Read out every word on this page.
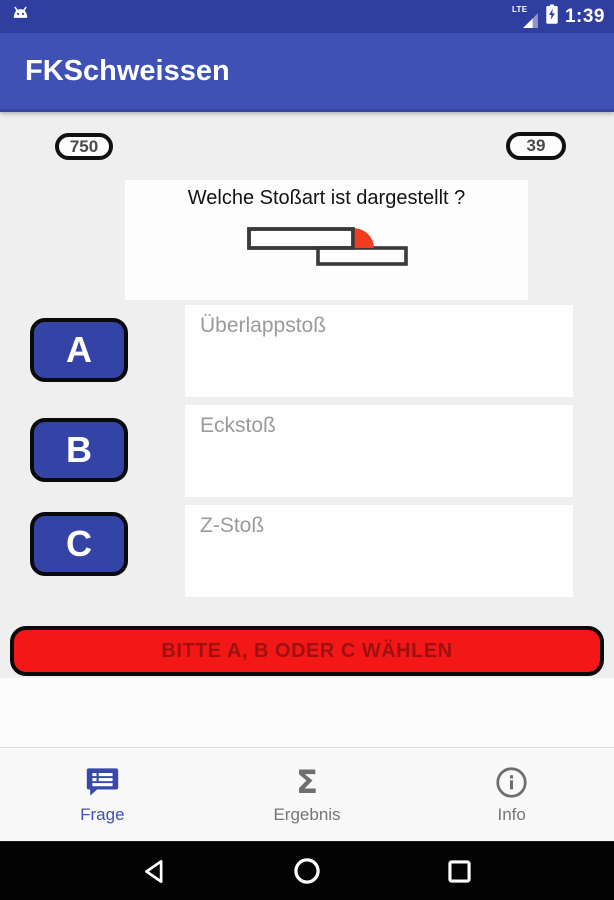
LTE 1:39
FKSchweissen
750	39
Welche Stoßart ist dargestellt ?
A
Überlappstoß
B
Eckstoß
C	Z-Stoß
BITTE A, B ODER C WÄHLEN
Frage
Σ
Ergebnis	Info
